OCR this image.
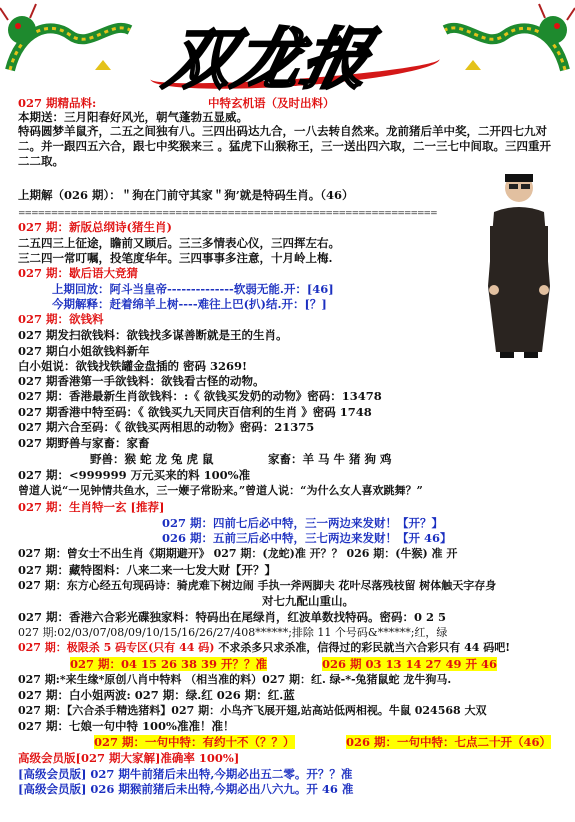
双龙报
027 期精品料:	中特玄机语（及时出料）
本期送：三月阳春好风光，朝气蓬勃五显威。
特码圆梦羊鼠齐，二五之间独有八。三四出码达九合，一八去转自然来。龙前猪后羊中奖，二开四七九对二。并一跟四五六合，跟七中奖猴来三 。猛虎下山猴称王，三一送出四六取，二一三七中间取。三四重开二二取。
上期解（026 期）：＂狗在门前守其家＂狗’就是特码生肖。（46）
================================================================
027 期：新版总纲诗(猪生肖)
二五四三上征途，瞻前又顾后。三三多情表心仪，三四挥左右。
三二四一常叮嘱，投笔度华年。三四事事多注意，十月岭上梅.
027 期：歇后语大竞猜
上期回放：阿斗当皇帝--------------软弱无能.开：[46]
今期解释：赶着绵羊上树----难往上巴(扒)结.开：[？]
027 期：欲钱料
027 期发扫欲钱料：欲钱找多谋善断就是王的生肖。
027 期白小姐欲钱料新年
白小姐说：欲钱找铁罐金盘插的 密码 3269!
027 期香港第一手欲钱料：欲钱看古怪的动物。
027 期：香港最新生肖欲钱料：:《 欲钱买发奶的动物》密码：13478
027 期香港中特至码：《 欲钱买九天同庆百信利的生肖 》密码 1748
027 期六合至码：《 欲钱买两相思的动物》密码：21375
027 期野兽与家畜：家畜
野兽：猴 蛇 龙 兔 虎 鼠	家畜：羊 马 牛 猪 狗 鸡
027 期：<999999 万元买来的料 100%准
曾道人说“一见钟情共鱼水，三一㛹子常盼来。”曾道人说：“为什么女人喜欢跳舞？”
027 期：生肖特一玄 [推荐]
027 期：四前七后必中特，三一两边来发财！【开？】
026 期：五前三后必中特，三七两边来发财！【开 46】
027 期：曾女士不出生肖《期期避开》 027 期：(龙蛇)准 开？？ 026 期：(牛猴) 准 开
027 期：藏特图料：八来二来一七发大财【开？】
027 期：东方心经五句现码诗：骑虎难下树边闹 手执一斧两脚夫 花叶尽落残枝留 树体触天字存身
对七九配山重山。
027 期：香港六合彩光碟独家料：特码出在尾绿肖，红波单数找特码。密码：0 2 5
027 期:02/03/07/08/09/10/15/16/26/27/408******;排除 11 个号码&******;红，绿
027 期：极限杀 5 码专区(只有 44 码) 不求杀多只求杀准，信得过的彩民就当六合彩只有 44 码吧!
027 期：04 15 26 38 39 开？？准	026 期 03 13 14 27 49 开 46
027 期:*来生缘*原创八肖中特料 （相当准的料）027 期：红. 绿-*-兔猪鼠蛇 龙牛狗马.
027 期：白小姐两波: 027 期：绿.红 026 期：红.蓝
027 期：【六合杀手精选猪料】027 期：小鸟齐飞展开翅,站高站低两相视。牛鼠 024568 大双
027 期：七娘一句中特 100%准准！准！
027 期：一句中特：有约十不（？？）	026 期：一句中特：七点二十开（46）
高级会员版[027 期大家解]准确率 100%]
[高级会员版] 027 期牛前猪后未出特,今期必出五二零。开？？准
[高级会员版] 026 期猴前猪后未出特,今期必出八六九。开 46 准
